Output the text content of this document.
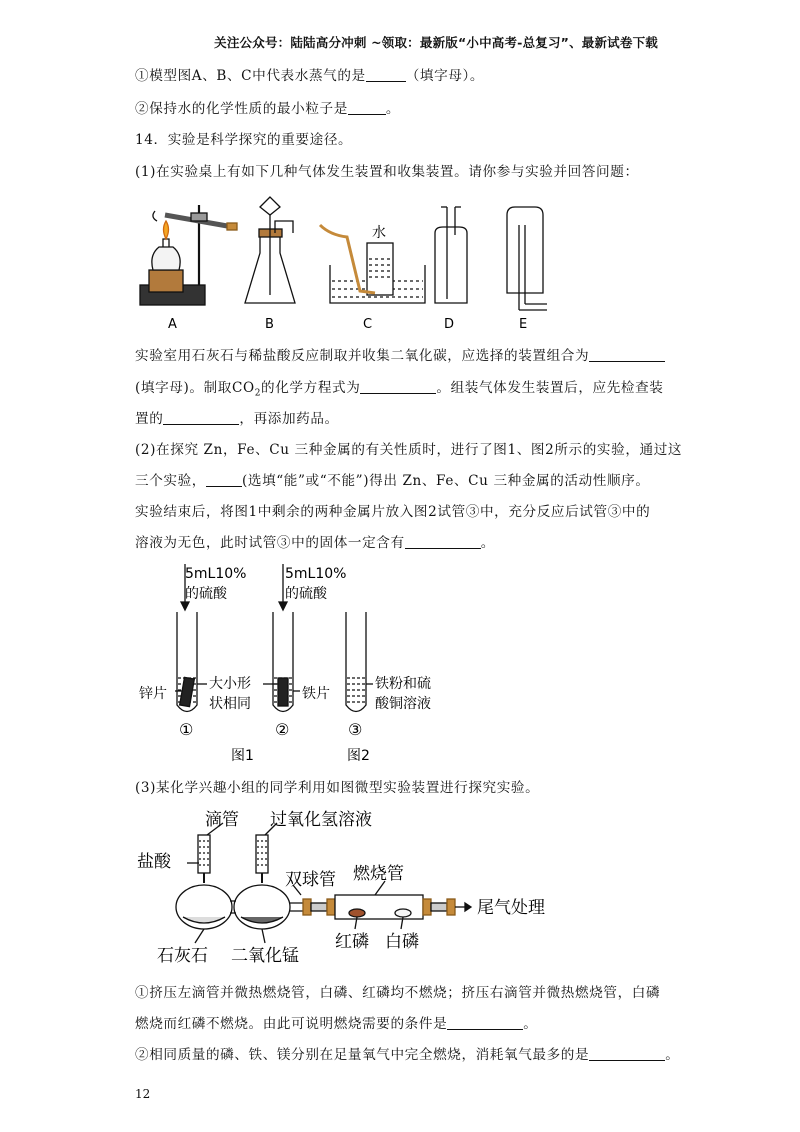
关注公众号：陆陆高分冲刺 ~领取：最新版“小中高考-总复习”、最新试卷下载
①模型图A、B、C中代表水蒸气的是	（填字母）。
②保持水的化学性质的最小粒子是	。
14．实验是科学探究的重要途径。
(1)在实验桌上有如下几种气体发生装置和收集装置。请你参与实验并回答问题：
A	B	C	D	E
水
实验室用石灰石与稀盐酸反应制取并收集二氧化碳，应选择的装置组合为
(填字母)。制取$CO_2$的化学方程式为	。组装气体发生装置后，应先检查装
置的	，再添加药品。
(2)在探究 Zn，Fe、Cu 三种金属的有关性质时，进行了图1、图2所示的实验，通过这
三个实验，	(选填“能”或“不能”)得出 Zn、Fe、Cu 三种金属的活动性顺序。
实验结束后，将图1中剩余的两种金属片放入图2试管③中，充分反应后试管③中的
溶液为无色，此时试管③中的固体一定含有	。
5mL10%
的硫酸
5mL10%
的硫酸
锌片
大小形
状相同
铁片
铁粉和硫
酸铜溶液
①	②	③
图1	图2
(3)某化学兴趣小组的同学利用如图微型实验装置进行探究实验。
滴管 过氧化氢溶液
盐酸
双球管 燃烧管
尾气处理
红磷 白磷
石灰石 二氧化锰
①挤压左滴管并微热燃烧管，白磷、红磷均不燃烧；挤压右滴管并微热燃烧管，白磷
燃烧而红磷不燃烧。由此可说明燃烧需要的条件是	。
②相同质量的磷、铁、镁分别在足量氧气中完全燃烧，消耗氧气最多的是	。
12
